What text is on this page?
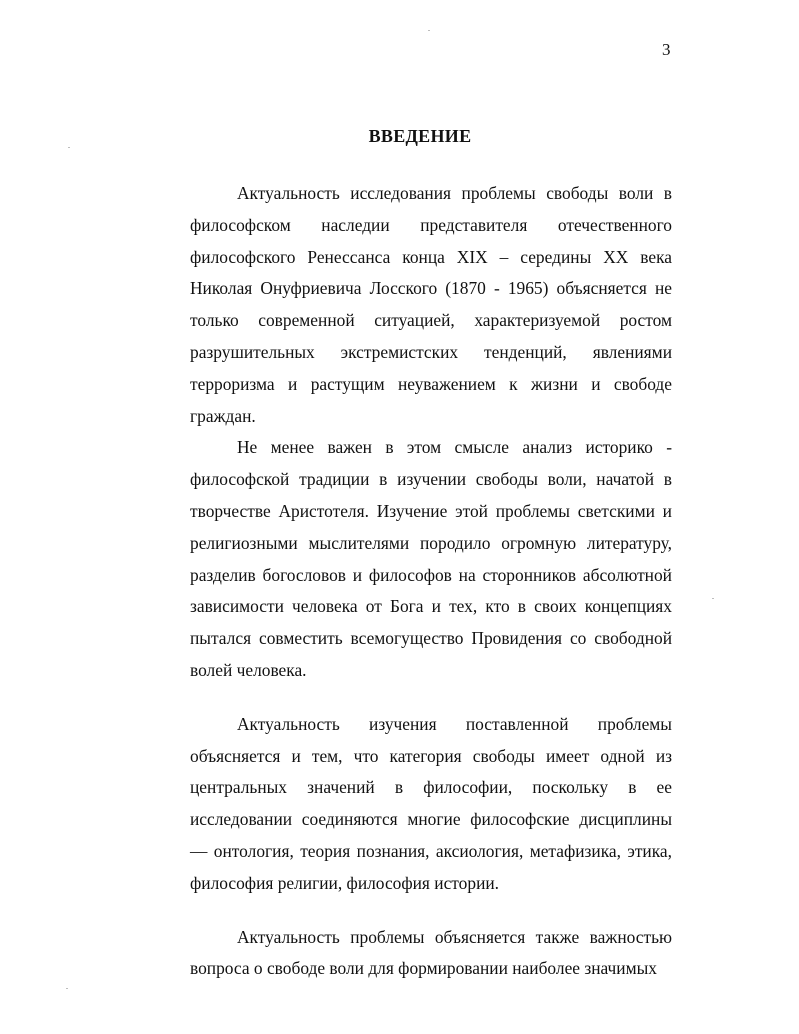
3
ВВЕДЕНИЕ

Актуальность исследования проблемы свободы воли в философском наследии представителя отечественного философского Ренессанса конца XIX – середины XX века Николая Онуфриевича Лосского (1870 - 1965) объясняется не только современной ситуацией, характеризуемой ростом разрушительных экстремистских тенденций, явлениями терроризма и растущим неуважением к жизни и свободе граждан.

Не менее важен в этом смысле анализ историко - философской традиции в изучении свободы воли, начатой в творчестве Аристотеля. Изучение этой проблемы светскими и религиозными мыслителями породило огромную литературу, разделив богословов и философов на сторонников абсолютной зависимости человека от Бога и тех, кто в своих концепциях пытался совместить всемогущество Провидения со свободной волей человека.

Актуальность изучения поставленной проблемы объясняется и тем, что категория свободы имеет одной из центральных значений в философии, поскольку в ее исследовании соединяются многие философские дисциплины — онтология, теория познания, аксиология, метафизика, этика, философия религии, философия истории.

Актуальность проблемы объясняется также важностью вопроса о свободе воли для формировании наиболее значимых
